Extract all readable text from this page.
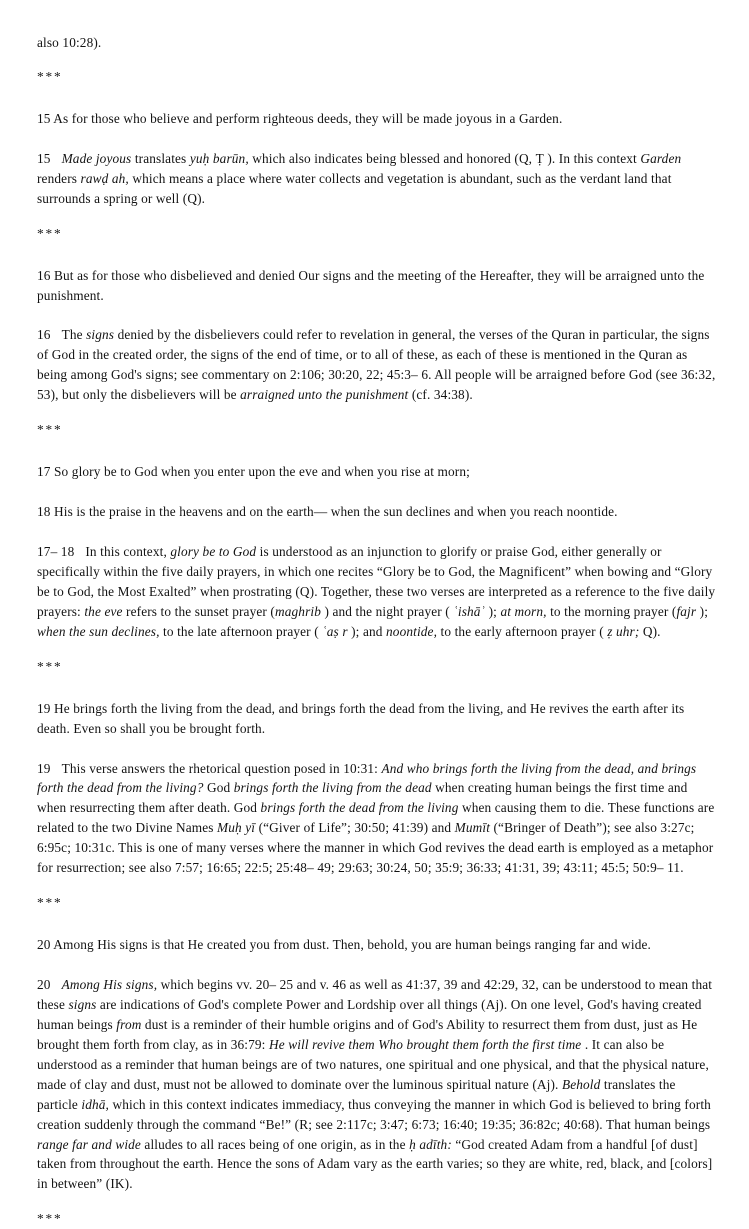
also 10:28).

***

15 As for those who believe and perform righteous deeds, they will be made joyous in a Garden.

15 Made joyous translates yuḥ barūn, which also indicates being blessed and honored (Q, Ṭ ). In this context Garden renders rawḍ ah, which means a place where water collects and vegetation is abundant, such as the verdant land that surrounds a spring or well (Q).

***

16 But as for those who disbelieved and denied Our signs and the meeting of the Hereafter, they will be arraigned unto the punishment.

16 The signs denied by the disbelievers could refer to revelation in general, the verses of the Quran in particular, the signs of God in the created order, the signs of the end of time, or to all of these, as each of these is mentioned in the Quran as being among God's signs; see commentary on 2:106; 30:20, 22; 45:3– 6. All people will be arraigned before God (see 36:32, 53), but only the disbelievers will be arraigned unto the punishment (cf. 34:38).

***

17 So glory be to God when you enter upon the eve and when you rise at morn;

18 His is the praise in the heavens and on the earth— when the sun declines and when you reach noontide.

17– 18 In this context, glory be to God is understood as an injunction to glorify or praise God, either generally or specifically within the five daily prayers, in which one recites “Glory be to God, the Magnificent” when bowing and “Glory be to God, the Most Exalted” when prostrating (Q). Together, these two verses are interpreted as a reference to the five daily prayers: the eve refers to the sunset prayer (maghrib ) and the night prayer ( ʿishāʾ ); at morn, to the morning prayer (fajr ); when the sun declines, to the late afternoon prayer ( ʿaṣ r ); and noontide, to the early afternoon prayer ( ẓ uhr; Q).

***

19 He brings forth the living from the dead, and brings forth the dead from the living, and He revives the earth after its death. Even so shall you be brought forth.

19 This verse answers the rhetorical question posed in 10:31: And who brings forth the living from the dead, and brings forth the dead from the living? God brings forth the living from the dead when creating human beings the first time and when resurrecting them after death. God brings forth the dead from the living when causing them to die. These functions are related to the two Divine Names Muḥ yī (“Giver of Life”; 30:50; 41:39) and Mumīt (“Bringer of Death”); see also 3:27c; 6:95c; 10:31c. This is one of many verses where the manner in which God revives the dead earth is employed as a metaphor for resurrection; see also 7:57; 16:65; 22:5; 25:48– 49; 29:63; 30:24, 50; 35:9; 36:33; 41:31, 39; 43:11; 45:5; 50:9– 11.

***

20 Among His signs is that He created you from dust. Then, behold, you are human beings ranging far and wide.

20 Among His signs, which begins vv. 20– 25 and v. 46 as well as 41:37, 39 and 42:29, 32, can be understood to mean that these signs are indications of God's complete Power and Lordship over all things (Aj). On one level, God's having created human beings from dust is a reminder of their humble origins and of God's Ability to resurrect them from dust, just as He brought them forth from clay, as in 36:79: He will revive them Who brought them forth the first time . It can also be understood as a reminder that human beings are of two natures, one spiritual and one physical, and that the physical nature, made of clay and dust, must not be allowed to dominate over the luminous spiritual nature (Aj). Behold translates the particle idhā, which in this context indicates immediacy, thus conveying the manner in which God is believed to bring forth creation suddenly through the command “Be!” (R; see 2:117c; 3:47; 6:73; 16:40; 19:35; 36:82c; 40:68). That human beings range far and wide alludes to all races being of one origin, as in the ḥ adīth: “God created Adam from a handful [of dust] taken from throughout the earth. Hence the sons of Adam vary as the earth varies; so they are white, red, black, and [colors] in between” (IK).

***
